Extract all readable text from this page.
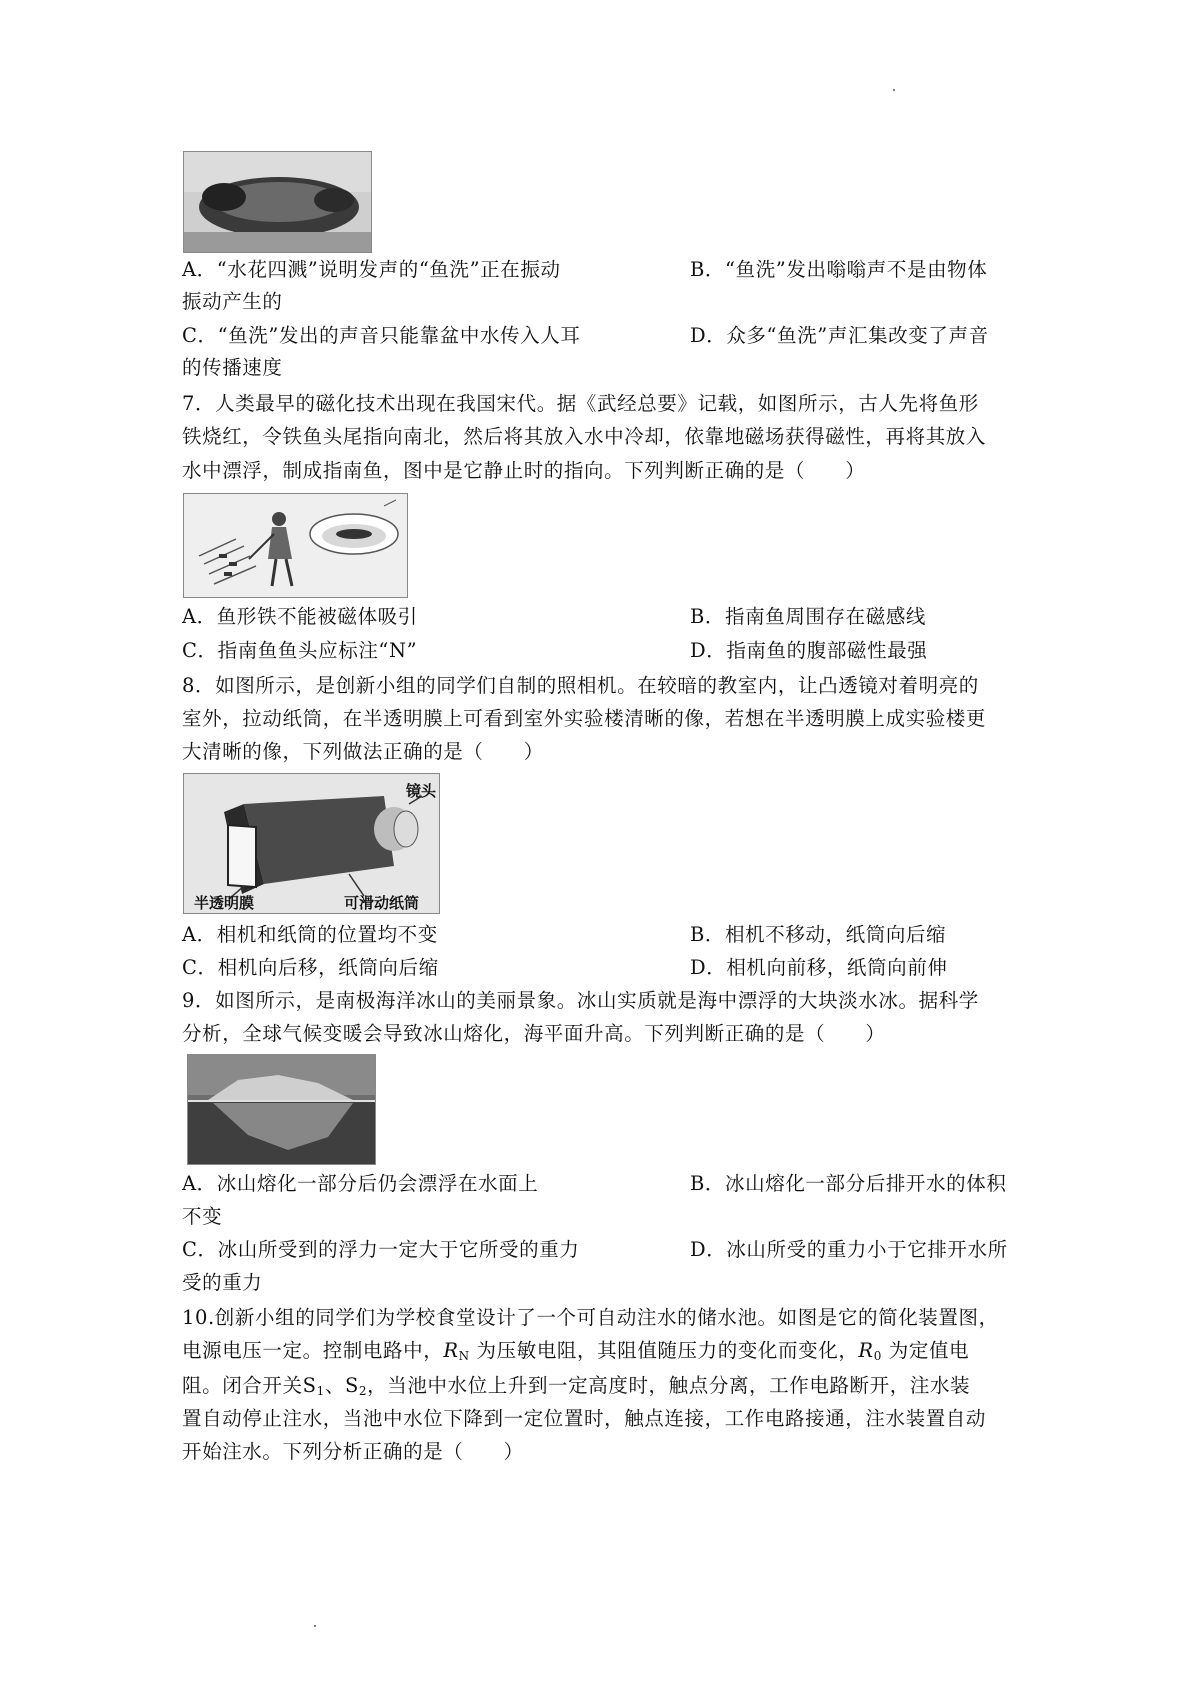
A．“水花四溅”说明发声的“鱼洗”正在振动	B．“鱼洗”发出嗡嗡声不是由物体
振动产生的
C．“鱼洗”发出的声音只能靠盆中水传入人耳	D．众多“鱼洗”声汇集改变了声音
的传播速度
7．人类最早的磁化技术出现在我国宋代。据《武经总要》记载，如图所示，古人先将鱼形
铁烧红，令铁鱼头尾指向南北，然后将其放入水中冷却，依靠地磁场获得磁性，再将其放入
水中漂浮，制成指南鱼，图中是它静止时的指向。下列判断正确的是（　　）
A．鱼形铁不能被磁体吸引	B．指南鱼周围存在磁感线
C．指南鱼鱼头应标注“N”	D．指南鱼的腹部磁性最强
8．如图所示，是创新小组的同学们自制的照相机。在较暗的教室内，让凸透镜对着明亮的
室外，拉动纸筒，在半透明膜上可看到室外实验楼清晰的像，若想在半透明膜上成实验楼更
大清晰的像，下列做法正确的是（　　）
镜头
半透明膜	可滑动纸筒
A．相机和纸筒的位置均不变	B．相机不移动，纸筒向后缩
C．相机向后移，纸筒向后缩	D．相机向前移，纸筒向前伸
9．如图所示，是南极海洋冰山的美丽景象。冰山实质就是海中漂浮的大块淡水冰。据科学
分析，全球气候变暖会导致冰山熔化，海平面升高。下列判断正确的是（　　）
A．冰山熔化一部分后仍会漂浮在水面上	B．冰山熔化一部分后排开水的体积
不变
C．冰山所受到的浮力一定大于它所受的重力	D．冰山所受的重力小于它排开水所
受的重力
10.创新小组的同学们为学校食堂设计了一个可自动注水的储水池。如图是它的简化装置图，
电源电压一定。控制电路中，$R_N$ 为压敏电阻，其阻值随压力的变化而变化，$R_0$ 为定值电
阻。闭合开关$S_1$、$S_2$，当池中水位上升到一定高度时，触点分离，工作电路断开，注水装
置自动停止注水，当池中水位下降到一定位置时，触点连接，工作电路接通，注水装置自动
开始注水。下列分析正确的是（　　）
